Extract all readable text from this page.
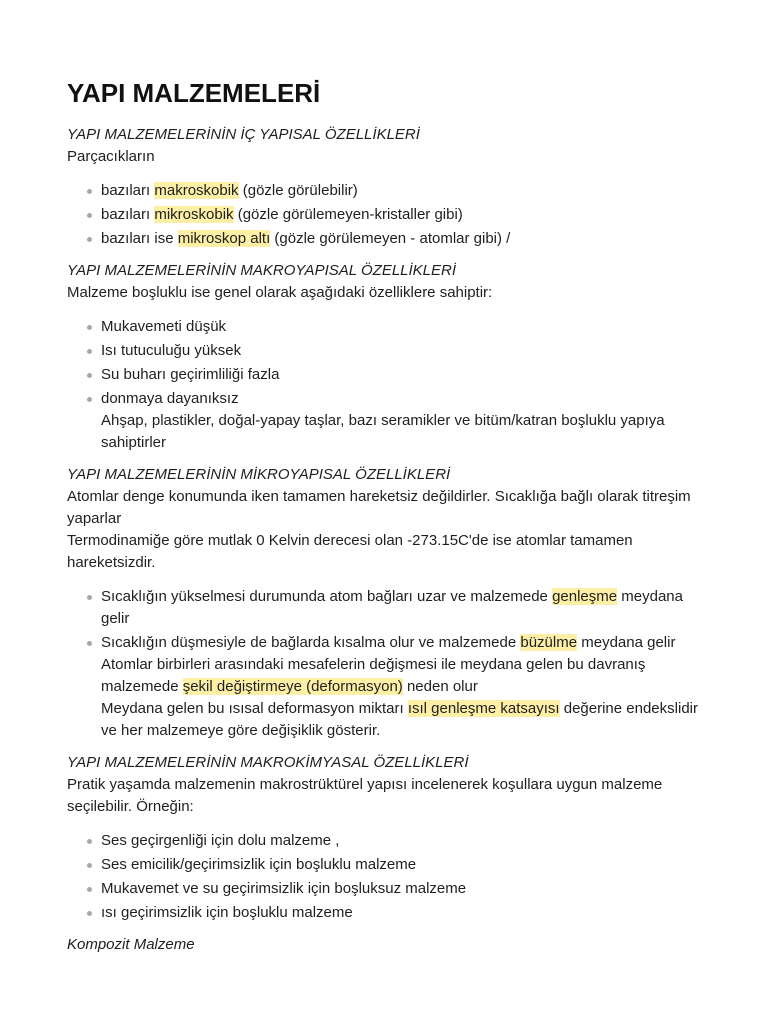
YAPI MALZEMELERİ

YAPI MALZEMELERİNİN İÇ YAPISAL ÖZELLİKLERİ

Parçacıkların

bazıları makroskobik (gözle görülebilir)
bazıları mikroskobik (gözle görülemeyen-kristaller gibi)
bazıları ise mikroskop altı (gözle görülemeyen - atomlar gibi) /

YAPI MALZEMELERİNİN MAKROYAPISAL ÖZELLİKLERİ

Malzeme boşluklu ise genel olarak aşağıdaki özelliklere sahiptir:

Mukavemeti düşük
Isı tutuculuğu yüksek
Su buharı geçirimliliği fazla
donmaya dayanıksız
Ahşap, plastikler, doğal-yapay taşlar, bazı seramikler ve bitüm/katran boşluklu yapıya sahiptirler

YAPI MALZEMELERİNİN MİKROYAPISAL ÖZELLİKLERİ

Atomlar denge konumunda iken tamamen hareketsiz değildirler. Sıcaklığa bağlı olarak titreşim yaparlar

Termodinamiğe göre mutlak 0 Kelvin derecesi olan -273.15C'de ise atomlar tamamen hareketsizdir.

Sıcaklığın yükselmesi durumunda atom bağları uzar ve malzemede genleşme meydana gelir
Sıcaklığın düşmesiyle de bağlarda kısalma olur ve malzemede büzülme meydana gelir
Atomlar birbirleri arasındaki mesafelerin değişmesi ile meydana gelen bu davranış
malzemede şekil değiştirmeye (deformasyon) neden olur
Meydana gelen bu ısısal deformasyon miktarı ısıl genleşme katsayısı değerine endekslidir ve her malzemeye göre değişiklik gösterir.

YAPI MALZEMELERİNİN MAKROKİMYASAL ÖZELLİKLERİ

Pratik yaşamda malzemenin makrostrüktürel yapısı incelenerek koşullara uygun malzeme seçilebilir. Örneğin:

Ses geçirgenliği için dolu malzeme ,
Ses emicilik/geçirimsizlik için boşluklu malzeme
Mukavemet ve su geçirimsizlik için boşluksuz malzeme
ısı geçirimsizlik için boşluklu malzeme

Kompozit Malzeme
